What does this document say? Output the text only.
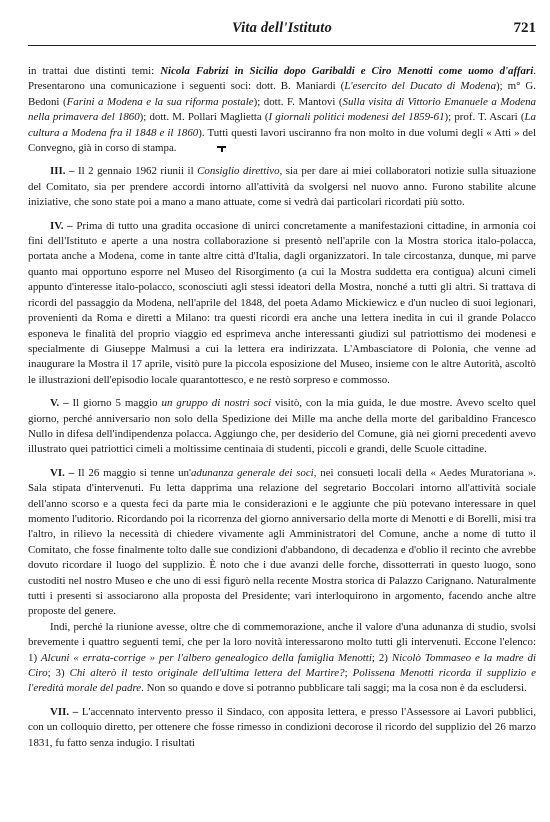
Vita dell'Istituto	721

in trattai due distinti temi: Nicola Fabrizi in Sicilia dopo Garibaldi e Ciro Menotti come uomo d'affari. Presentarono una comunicazione i seguenti soci: dott. B. Maniardi (L'esercito del Ducato di Modena); m° G. Bedoni (Farini a Modena e la sua riforma postale); dott. F. Mantovi (Sulla visita di Vittorio Emanuele a Modena nella primavera del 1860); dott. M. Pollari Maglietta (I giornali politici modenesi del 1859-61); prof. T. Ascari (La cultura a Modena fra il 1848 e il 1860). Tutti questi lavori usciranno fra non molto in due volumi degli « Atti » del Convegno, già in corso di stampa.

III. – Il 2 gennaio 1962 riunii il Consiglio direttivo, sia per dare ai miei collaboratori notizie sulla situazione del Comitato, sia per prendere accordi intorno all'attività da svolgersi nel nuovo anno. Furono stabilite alcune iniziative, che sono state poi a mano a mano attuate, come si vedrà dai particolari ricordati più sotto.

IV. – Prima di tutto una gradita occasione di unirci concretamente a manifestazioni cittadine, in armonia coi fini dell'Istituto e aperte a una nostra collaborazione si presentò nell'aprile con la Mostra storica italo-polacca, portata anche a Modena, come in tante altre città d'Italia, dagli organizzatori. In tale circostanza, dunque, mi parve quanto mai opportuno esporre nel Museo del Risorgimento (a cui la Mostra suddetta era contigua) alcuni cimeli appunto d'interesse italo-polacco, sconosciuti agli stessi ideatori della Mostra, nonché a tutti gli altri. Si trattava di ricordi del passaggio da Modena, nell'aprile del 1848, del poeta Adamo Mickiewicz e d'un nucleo di suoi legionari, provenienti da Roma e diretti a Milano: tra questi ricordi era anche una lettera inedita in cui il grande Polacco esponeva le finalità del proprio viaggio ed esprimeva anche interessanti giudizi sul patriottismo dei modenesi e specialmente di Giuseppe Malmusi a cui la lettera era indirizzata. L'Ambasciatore di Polonia, che venne ad inaugurare la Mostra il 17 aprile, visitò pure la piccola esposizione del Museo, insieme con le altre Autorità, ascoltò le illustrazioni dell'episodio locale quarantottesco, e ne restò sorpreso e commosso.

V. – Il giorno 5 maggio un gruppo di nostri soci visitò, con la mia guida, le due mostre. Avevo scelto quel giorno, perché anniversario non solo della Spedizione dei Mille ma anche della morte del garibaldino Francesco Nullo in difesa dell'indipendenza polacca. Aggiungo che, per desiderio del Comune, già nei giorni precedenti avevo illustrato quei patriottici cimeli a moltissime centinaia di studenti, piccoli e grandi, delle Scuole cittadine.

VI. – Il 26 maggio si tenne un'adunanza generale dei soci, nei consueti locali della « Aedes Muratoriana ». Sala stipata d'intervenuti. Fu letta dapprima una relazione del segretario Boccolari intorno all'attività sociale dell'anno scorso e a questa feci da parte mia le considerazioni e le aggiunte che più potevano interessare in quel momento l'uditorio. Ricordando poi la ricorrenza del giorno anniversario della morte di Menotti e di Borelli, misi tra l'altro, in rilievo la necessità di chiedere vivamente agli Amministratori del Comune, anche a nome di tutto il Comitato, che fosse finalmente tolto dalle sue condizioni d'abbandono, di decadenza e d'oblio il recinto che avrebbe dovuto ricordare il luogo del supplizio. È noto che i due avanzi delle forche, dissotterrati in questo luogo, sono custoditi nel nostro Museo e che uno di essi figurò nella recente Mostra storica di Palazzo Carignano. Naturalmente tutti i presenti si associarono alla proposta del Presidente; vari interloquirono in argomento, facendo anche altre proposte del genere.

Indi, perché la riunione avesse, oltre che di commemorazione, anche il valore d'una adunanza di studio, svolsi brevemente i quattro seguenti temi, che per la loro novità interessarono molto tutti gli intervenuti. Eccone l'elenco: 1) Alcuni « errata-corrige » per l'albero genealogico della famiglia Menotti; 2) Nicolò Tommaseo e la madre di Ciro; 3) Chi alterò il testo originale dell'ultima lettera del Martire?; Polissena Menotti ricorda il supplizio e l'eredità morale del padre. Non so quando e dove si potranno pubblicare tali saggi; ma la cosa non è da escludersi.

VII. – L'accennato intervento presso il Sindaco, con apposita lettera, e presso l'Assessore ai Lavori pubblici, con un colloquio diretto, per ottenere che fosse rimesso in condizioni decorose il ricordo del supplizio del 26 marzo 1831, fu fatto senza indugio. I risultati
